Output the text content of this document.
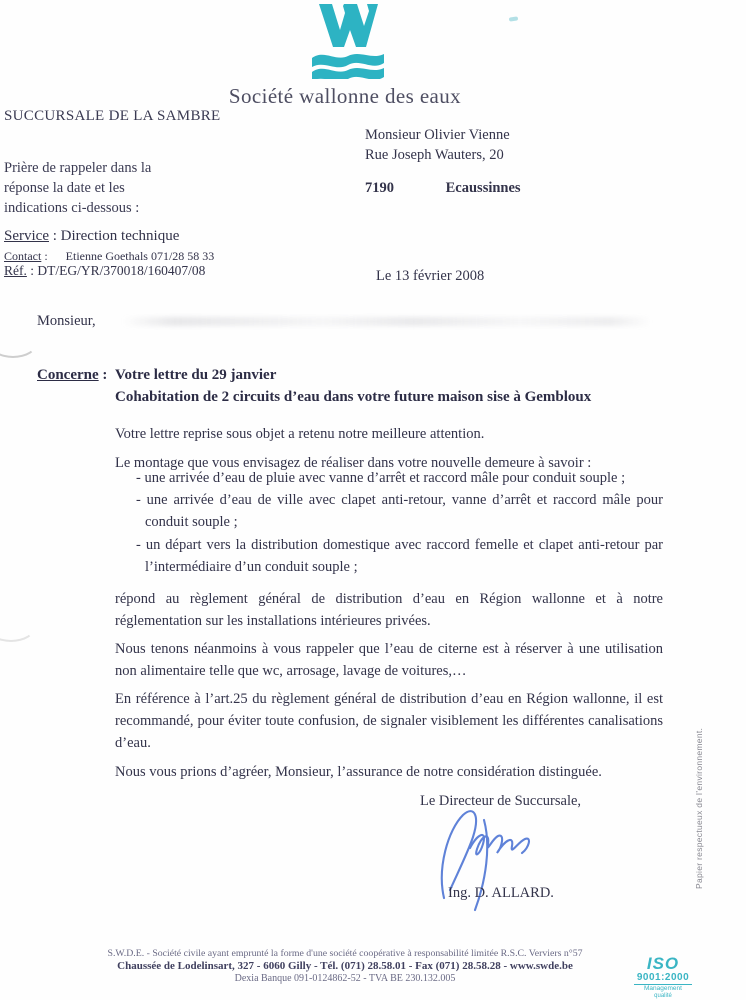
Société wallonne des eaux
SUCCURSALE DE LA SAMBRE
Prière de rappeler dans la réponse la date et les indications ci-dessous :
Monsieur Olivier Vienne
Rue Joseph Wauters, 20
7190	Ecaussinnes
Service : Direction technique
Contact :      Etienne Goethals 071/28 58 33
Réf. : DT/EG/YR/370018/160407/08	Le 13 février 2008
Monsieur,
Concerne : Votre lettre du 29 janvier
Cohabitation de 2 circuits d’eau dans votre future maison sise à Gembloux
Votre lettre reprise sous objet a retenu notre meilleure attention.
Le montage que vous envisagez de réaliser dans votre nouvelle demeure à savoir :
- une arrivée d’eau de pluie avec vanne d’arrêt et raccord mâle pour conduit souple ;
- une arrivée d’eau de ville avec clapet anti-retour, vanne d’arrêt et raccord mâle pour conduit souple ;
- un départ vers la distribution domestique avec raccord femelle et clapet anti-retour par l’intermédiaire d’un conduit souple ;
répond au règlement général de distribution d’eau en Région wallonne et à notre réglementation sur les installations intérieures privées.
Nous tenons néanmoins à vous rappeler que l’eau de citerne est à réserver à une utilisation non alimentaire telle que wc, arrosage, lavage de voitures,…
En référence à l’art.25 du règlement général de distribution d’eau en Région wallonne, il est recommandé, pour éviter toute confusion, de signaler visiblement les différentes canalisations d’eau.
Nous vous prions d’agréer, Monsieur, l’assurance de notre considération distinguée.
Le Directeur de Succursale,
Ing. D. ALLARD.
Papier respectueux de l’environnement.
S.W.D.E. - Société civile ayant emprunté la forme d'une société coopérative à responsabilité limitée R.S.C. Verviers n°57
Chaussée de Lodelinsart, 327 - 6060 Gilly - Tél. (071) 28.58.01 - Fax (071) 28.58.28 - www.swde.be
Dexia Banque 091-0124862-52 - TVA BE 230.132.005
ISO
9001:2000
Management
qualité
